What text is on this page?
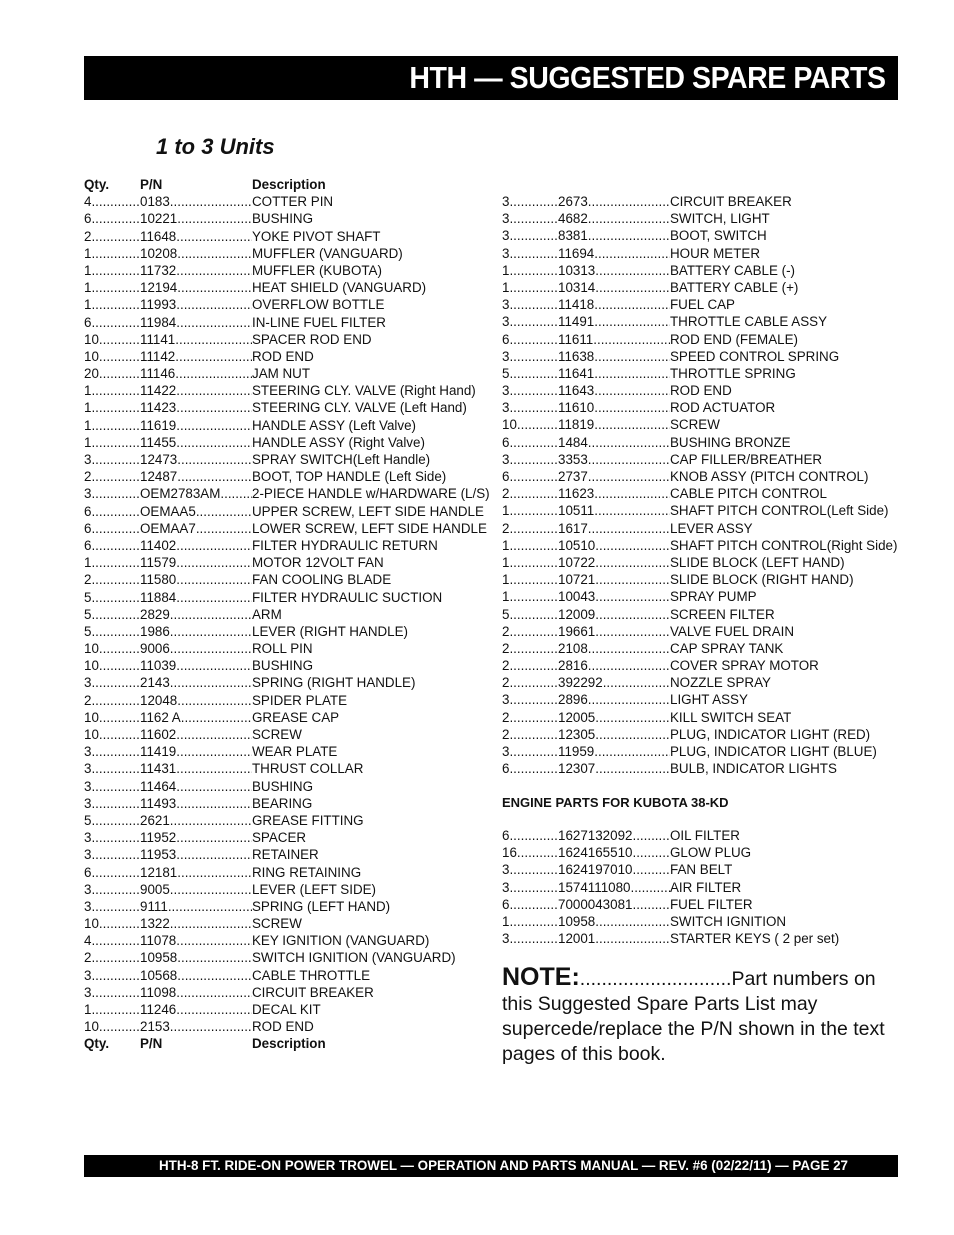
HTH — SUGGESTED SPARE PARTS
1 to 3 Units
Qty.	P/N	Description
4 .....	0183 .....	COTTER PIN
6 .....	10221 .....	BUSHING
2 .....	11648 .....	YOKE PIVOT SHAFT
1 .....	10208 .....	MUFFLER (VANGUARD)
1 .....	11732 .....	MUFFLER (KUBOTA)
1 .....	12194 .....	HEAT SHIELD (VANGUARD)
1 .....	11993 .....	OVERFLOW BOTTLE
6 .....	11984 .....	IN-LINE FUEL FILTER
10 .....	11141 .....	SPACER ROD END
10 .....	11142 .....	ROD END
20 .....	11146 .....	JAM NUT
1 .....	11422 .....	STEERING CLY. VALVE (Right Hand)
1 .....	11423 .....	STEERING CLY. VALVE (Left Hand)
1 .....	11619 .....	HANDLE ASSY (Left Valve)
1 .....	11455 .....	HANDLE ASSY (Right Valve)
3 .....	12473 .....	SPRAY SWITCH(Left Handle)
2 .....	12487 .....	BOOT, TOP HANDLE (Left Side)
3 .....	OEM2783AM .....	2-PIECE HANDLE w/HARDWARE (L/S)
6 .....	OEMAA5 .....	UPPER SCREW, LEFT SIDE HANDLE
6 .....	OEMAA7 .....	LOWER SCREW, LEFT SIDE HANDLE
6 .....	11402 .....	FILTER HYDRAULIC RETURN
1 .....	11579 .....	MOTOR 12VOLT FAN
2 .....	11580 .....	FAN COOLING BLADE
5 .....	11884 .....	FILTER HYDRAULIC SUCTION
5 .....	2829 .....	ARM
5 .....	1986 .....	LEVER (RIGHT HANDLE)
10 .....	9006 .....	ROLL PIN
10 .....	11039 .....	BUSHING
3 .....	2143 .....	SPRING (RIGHT HANDLE)
2 .....	12048 .....	SPIDER PLATE
10 .....	1162 A .....	GREASE CAP
10 .....	11602 .....	SCREW
3 .....	11419 .....	WEAR PLATE
3 .....	11431 .....	THRUST COLLAR
3 .....	11464 .....	BUSHING
3 .....	11493 .....	BEARING
5 .....	2621 .....	GREASE FITTING
3 .....	11952 .....	SPACER
3 .....	11953 .....	RETAINER
6 .....	12181 .....	RING RETAINING
3 .....	9005 .....	LEVER (LEFT SIDE)
3 .....	9111 .....	SPRING (LEFT HAND)
10 .....	1322 .....	SCREW
4 .....	11078 .....	KEY IGNITION (VANGUARD)
2 .....	10958 .....	SWITCH IGNITION (VANGUARD)
3 .....	10568 .....	CABLE THROTTLE
3 .....	11098 .....	CIRCUIT BREAKER
1 .....	11246 .....	DECAL KIT
10 .....	2153 .....	ROD END
Qty.	P/N	Description
3 .....	2673 .....	CIRCUIT BREAKER
3 .....	4682 .....	SWITCH, LIGHT
3 .....	8381 .....	BOOT, SWITCH
3 .....	11694 .....	HOUR METER
1 .....	10313 .....	BATTERY CABLE (-)
1 .....	10314 .....	BATTERY CABLE (+)
3 .....	11418 .....	FUEL CAP
3 .....	11491 .....	THROTTLE CABLE ASSY
6 .....	11611 .....	ROD END (FEMALE)
3 .....	11638 .....	SPEED CONTROL SPRING
5 .....	11641 .....	THROTTLE SPRING
3 .....	11643 .....	ROD END
3 .....	11610 .....	ROD ACTUATOR
10 .....	11819 .....	SCREW
6 .....	1484 .....	BUSHING BRONZE
3 .....	3353 .....	CAP FILLER/BREATHER
6 .....	2737 .....	KNOB ASSY (PITCH CONTROL)
2 .....	11623 .....	CABLE PITCH CONTROL
1 .....	10511 .....	SHAFT PITCH CONTROL(Left Side)
2 .....	1617 .....	LEVER ASSY
1 .....	10510 .....	SHAFT PITCH CONTROL(Right Side)
1 .....	10722 .....	SLIDE BLOCK (LEFT HAND)
1 .....	10721 .....	SLIDE BLOCK (RIGHT HAND)
1 .....	10043 .....	SPRAY PUMP
5 .....	12009 .....	SCREEN FILTER
2 .....	19661 .....	VALVE FUEL DRAIN
2 .....	2108 .....	CAP SPRAY TANK
2 .....	2816 .....	COVER SPRAY MOTOR
2 .....	392292 .....	NOZZLE SPRAY
3 .....	2896 .....	LIGHT ASSY
2 .....	12005 .....	KILL SWITCH SEAT
2 .....	12305 .....	PLUG, INDICATOR LIGHT (RED)
3 .....	11959 .....	PLUG, INDICATOR LIGHT (BLUE)
6 .....	12307 .....	BULB, INDICATOR LIGHTS
ENGINE PARTS FOR KUBOTA 38-KD
6 .....	1627132092 .....	OIL FILTER
16 .....	1624165510 .....	GLOW PLUG
3 .....	1624197010 .....	FAN BELT
3 .....	1574111080 .....	AIR FILTER
6 .....	7000043081 .....	FUEL FILTER
1 .....	10958 .....	SWITCH IGNITION
3 .....	12001 .....	STARTER KEYS ( 2 per set)
NOTE:............................Part numbers on this Suggested Spare Parts List may supercede/replace the P/N shown in the text pages of this book.
HTH-8 FT. RIDE-ON POWER TROWEL — OPERATION AND PARTS MANUAL — REV. #6 (02/22/11) — PAGE 27
